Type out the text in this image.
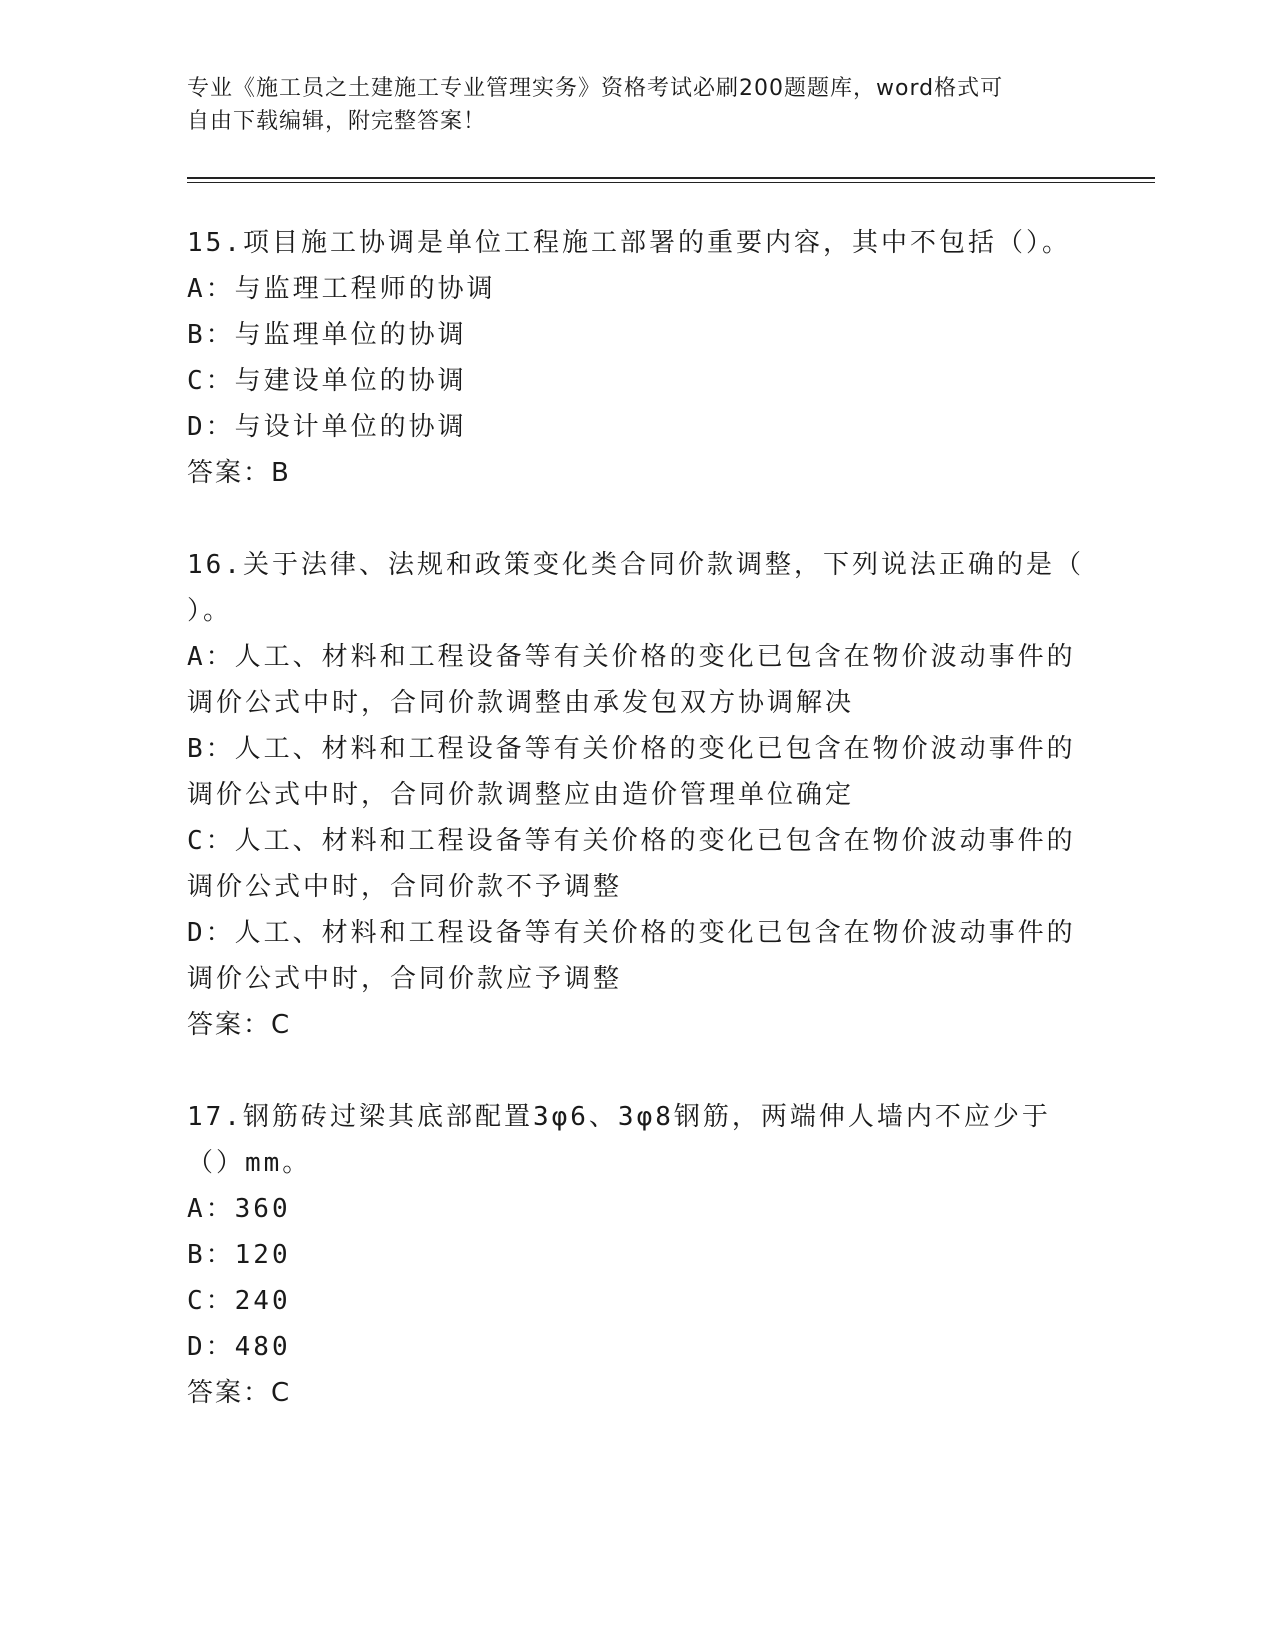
专业《施工员之土建施工专业管理实务》资格考试必刷200题题库，word格式可
自由下载编辑，附完整答案！
15.项目施工协调是单位工程施工部署的重要内容，其中不包括（）。
A：与监理工程师的协调
B：与监理单位的协调
C：与建设单位的协调
D：与设计单位的协调
答案：B
16.关于法律、法规和政策变化类合同价款调整，下列说法正确的是（
）。
A：人工、材料和工程设备等有关价格的变化已包含在物价波动事件的
调价公式中时，合同价款调整由承发包双方协调解决
B：人工、材料和工程设备等有关价格的变化已包含在物价波动事件的
调价公式中时，合同价款调整应由造价管理单位确定
C：人工、材料和工程设备等有关价格的变化已包含在物价波动事件的
调价公式中时，合同价款不予调整
D：人工、材料和工程设备等有关价格的变化已包含在物价波动事件的
调价公式中时，合同价款应予调整
答案：C
17.钢筋砖过梁其底部配置3φ6、3φ8钢筋，两端伸人墙内不应少于
（）mm。
A：360
B：120
C：240
D：480
答案：C
